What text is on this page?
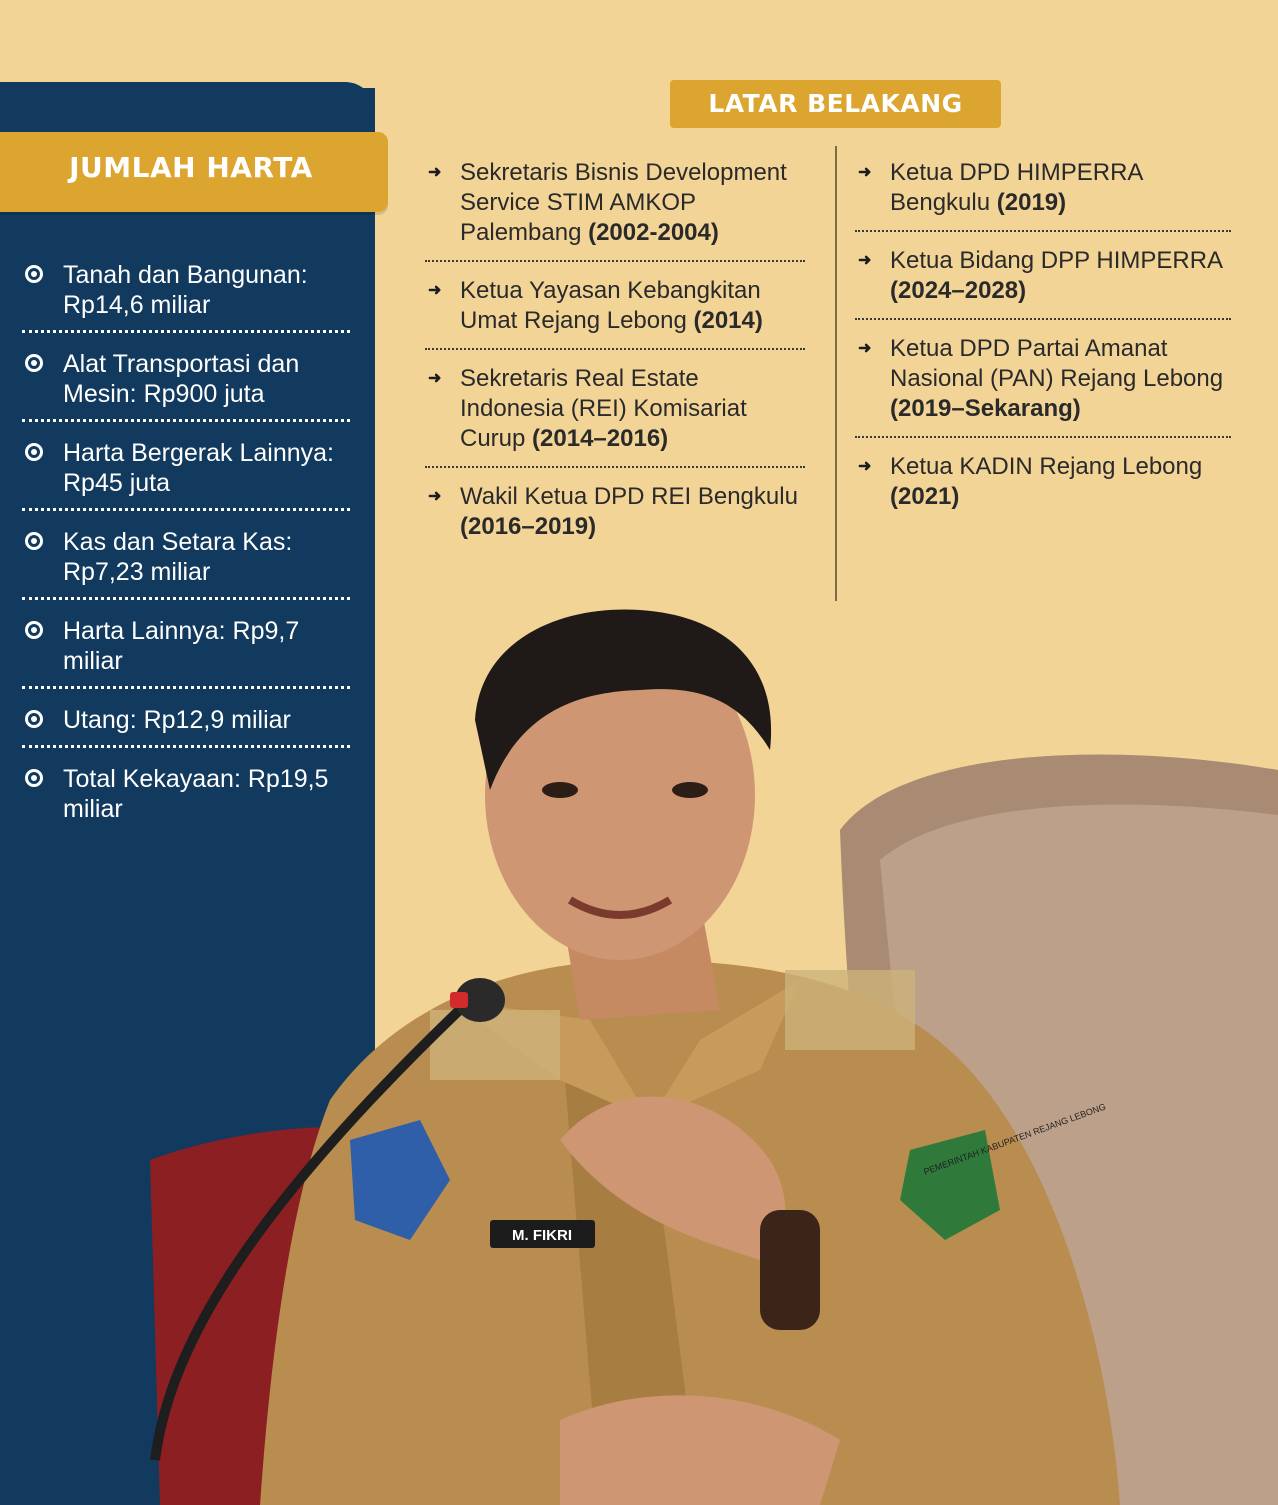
JUMLAH HARTA
Tanah dan Bangunan: Rp14,6 miliar
Alat Transportasi dan Mesin: Rp900 juta
Harta Bergerak Lainnya: Rp45 juta
Kas dan Setara Kas: Rp7,23 miliar
Harta Lainnya: Rp9,7 miliar
Utang: Rp12,9 miliar
Total Kekayaan: Rp19,5 miliar
LATAR BELAKANG
➜ Sekretaris Bisnis Development Service STIM AMKOP Palembang (2002-2004)
➜ Ketua Yayasan Kebangkitan Umat Rejang Lebong (2014)
➜ Sekretaris Real Estate Indonesia (REI) Komisariat Curup (2014–2016)
➜ Wakil Ketua DPD REI Bengkulu (2016–2019)
➜ Ketua DPD HIMPERRA Bengkulu (2019)
➜ Ketua Bidang DPP HIMPERRA (2024–2028)
➜ Ketua DPD Partai Amanat Nasional (PAN) Rejang Lebong (2019–Sekarang)
➜ Ketua KADIN Rejang Lebong (2021)
M. FIKRI
PEMERINTAH KABUPATEN REJANG LEBONG
